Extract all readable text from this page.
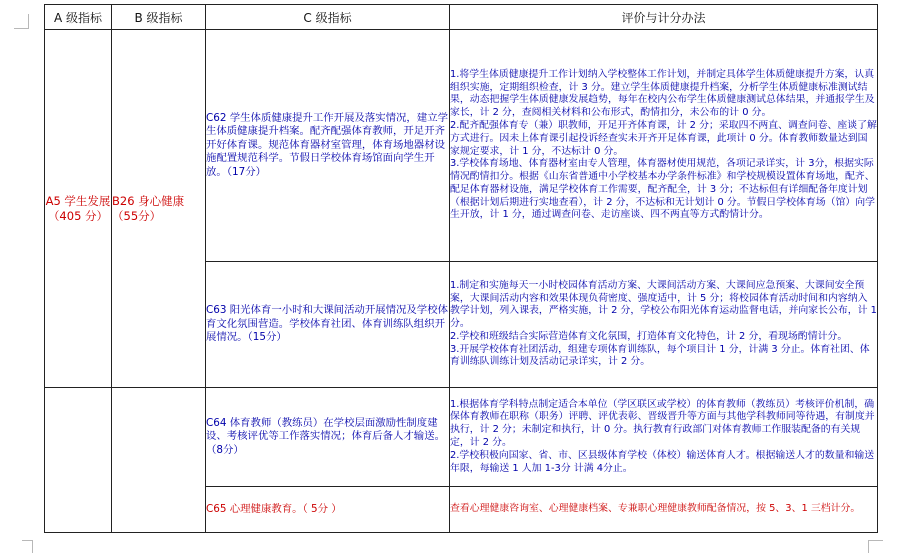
A 级指标	B 级指标	C 级指标	评价与计分办法
A5 学生发展（405 分）	B26 身心健康（55分）	C62 学生体质健康提升工作开展及落实情况，建立学生体质健康提升档案。配齐配强体育教师，开足开齐开好体育课。规范体育器材室管理，体育场地器材设施配置规范科学。节假日学校体育场馆面向学生开放。（17分）	1.将学生体质健康提升工作计划纳入学校整体工作计划，并制定具体学生体质健康提升方案，认真组织实施，定期组织检查，计 3 分。建立学生体质健康提升档案，分析学生体质健康标准测试结果，动态把握学生体质健康发展趋势，每年在校内公布学生体质健康测试总体结果，并通报学生及家长，计 2 分，查阅相关材料和公布形式，酌情扣分，未公布的计 0 分。
2.配齐配强体育专（兼）职教师，开足开齐体育课，计 2 分；采取四不两直、调查问卷、座谈了解方式进行。因未上体育课引起投诉经查实未开齐开足体育课，此项计 0 分。体育教师数量达到国家规定要求，计 1 分，不达标计 0 分。
3.学校体育场地、体育器材室由专人管理，体育器材使用规范，各项记录详实，计 3分，根据实际情况酌情扣分。根据《山东省普通中小学校基本办学条件标准》和学校规模设置体育场地，配齐、配足体育器材设施，满足学校体育工作需要，配齐配全，计 3 分；不达标但有详细配备年度计划（根据计划后期进行实地查看），计 2 分，不达标和无计划计 0 分。节假日学校体育场（馆）向学生开放，计 1 分，通过调查问卷、走访座谈、四不两直等方式酌情计分。

		C63 阳光体育一小时和大课间活动开展情况及学校体育文化氛围营造。学校体育社团、体育训练队组织开展情况。（15分）	1.制定和实施每天一小时校园体育活动方案、大课间活动方案、大课间应急预案、大课间安全预案，大课间活动内容和效果体现负荷密度、强度适中，计 5 分；将校园体育活动时间和内容纳入教学计划，列入课表，严格实施，计 2 分，学校公布阳光体育运动监督电话，并向家长公布，计 1 分。
2.学校和班级结合实际营造体育文化氛围，打造体育文化特色，计 2 分，看现场酌情计分。
3.开展学校体育社团活动，组建专项体育训练队，每个项目计 1 分，计满 3 分止。体育社团、体育训练队训练计划及活动记录详实，计 2 分。

		C64 体育教师（教练员）在学校层面激励性制度建设、考核评优等工作落实情况；体育后备人才输送。（8分）	1.根据体育学科特点制定适合本单位（学区联区或学校）的体育教师（教练员）考核评价机制，确保体育教师在职称（职务）评聘、评优表彰、晋级晋升等方面与其他学科教师同等待遇，有制度并执行，计 2 分；未制定和执行，计 0 分。执行教育行政部门对体育教师工作服装配备的有关规定，计 2 分。
2.学校积极向国家、省、市、区县级体育学校（体校）输送体育人才。根据输送人才的数量和输送年限，每输送 1 人加 1-3分 计满 4分止。

		C65 心理健康教育。（ 5分 ）	查看心理健康咨询室、心理健康档案、专兼职心理健康教师配备情况，按 5、3、1 三档计分。
